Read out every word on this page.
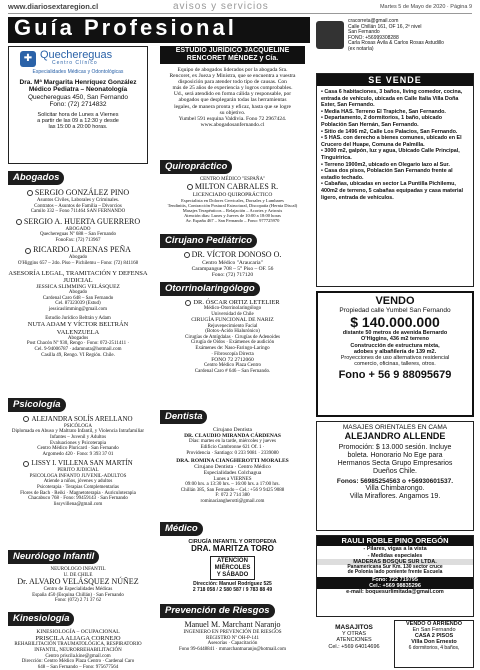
www.diariosextaregion.cl	avisos y servicios	Martes 5 de Mayo de 2020 · Página 9
Guía Profesional
✚ Quechereguas
Centro Clínico
Especialidades Médicas y Odontológicas
Dra. Mª Margarita Henríquez González
Médico Pediatra – Neonatología
Quechereguas 450, San Fernando
Fono: (72) 2714832
Solicitar hora de Lunes a Viernes
a partir de las 09 a 12:30 y desde
las 15:00 a 20:00 horas.
Abogados
SERGIO GONZÁLEZ PINO
Asuntos Civiles, Laborales y Criminales.
Contratos – Asuntos de Familia – Divorcios
Camilo 332 – Fono 711464 SAN FERNANDO
SERGIO A. HUERTA GUERRERO
ABOGADO
Quechereguas Nº 688 – San Fernando
FonoFax: (72) 713967
RICARDO LARENAS PEÑA
Abogado
O'Higgins 657 – 2do. Piso – Pichilemu – Fono: (72) 841168
ASESORÍA LEGAL, TRAMITACIÓN Y DEFENSA JUDICIAL
JESSICA SLIMMING VELÁSQUEZ
Abogado
Cardenal Caro 648 – San Fernando
Cel. 87323039 (Estud)
jessicaslimming@gmail.com
Estudio Jurídico Beltrán y Adam
NUTA ADAM Y VÍCTOR BELTRÁN VALENZUELA
Abogados
Post Chacón Nº 930, Rengo · Fono: 072-2511411 ·
Cel. 9-94006787 · adamnuta@hotmail.com
Casilla 49, Rengo. VI Región. Chile.
Psicología
ALEJANDRA SOLÍS ARELLANO
PSICÓLOGA
Diplomada en Abuso y Maltrato Infantil, y Violencia Intrafamiliar
Infantes – Juvenil y Adultos
Evaluaciones y Psicoterapia
Centro Médico Pluricard · San Fernando
Argomedo 420 · Fono: 9 393 37 01
LISSY I. VILLENA SAN MARTÍN
PERITO JUDICIAL
PSICOLOGA INFANTO JUVENIL-ADULTOS
Atiende a niños, jóvenes y adultos
Psicoterapia · Terapias Complementarias
Flores de Bach · Reiki · Magnetoterapia · Auriculoterapia
Chacabuco 768 · Fono: 99459143 · San Fernando
lissyvillena@gmail.com
Neurólogo Infantil
NEUROLOGO INFANTIL
U. DE CHILE
Dr. ALVARO VELÁSQUEZ NÚÑEZ
Centro de Especialidades Médicas
España 450 (Esquina Chillán) · San Fernando
Fono: (072) 2 71 37 62
Kinesiología
KINESIOLOGÍA – OCUPACIONAL
PRISCILA ALIAGA CORNEJO
REHABILITACIÓN TRAUMATOLÓGICA, RESPIRATORIO INFANTIL, NEURORREHABILITACIÓN
Centro priscila.kine@gmail.com
Dirección: Centro Médico Plaza Centro · Cardenal Caro
648 – San Fernando – Fono: 975677564
ESTUDIO JURÍDICO JACQUELINE
RENCORET MÉNDEZ y Cía.
Equipo de abogados liderados por la abogada Sra.
Rencoret, ex Jueza y Ministra, que se encuentra a vuestra disposición para atender todo tipo de causas. Con
más de 25 años de experiencia y logros comprobables.
Ud., será atendido en forma cálida y responsable, por
abogados que desplegarán todas las herramientas
legales, de manera pronta y eficaz, hasta que se logre
su objetivo.
Yumbel 591 esquina Valdivia. Fono 72 2967424.
www.abogadosanfernando.cl
Quiropráctico
CENTRO MÉDICO "ESPAÑA"
MILTON CABRALES R.
LICENCIADO QUIROPRÁCTICO
Especialista en Dolores Cervicales, Dorsales y Lumbares
Tendinitis, Contracción Postural Estructural, Discopatía (Hernia Discal)
Masajes Terapéuticos – Relajación – Acortes y Artrosis
Atención días: Lunes y Jueves de 10:00 a 18:00 horas
Av. España 467 – San Fernando – Fono: 977725970
Cirujano Pediátrico
DR. VÍCTOR DONOSO O.
Centro Médico "Araucaria"
Carampangue 708 – 5° Piso – OF. 56
Fono: (72) 717120
Otorrinolaringólogo
DR. ÓSCAR ORTIZ LETELIER
Médico-Otorrinolaringólogo
Universidad de Chile
CIRUGÍA FUNCIONAL DE NARIZ
Rejuvenecimiento Facial
(Botox-Ácido Hialurónico)
Cirugías de Amígdalas · Cirugías de Adenoides
Cirugía de Oídos · Exámenes de audición
Exámenes de: Naso-Faringo-Laringo
· Fibroscopía Directa
FONO 72 2712060
Centro Médico Plaza Centro
Cardenal Caro # 646 – San Fernando.
Dentista
Cirujano Dentista
DR. CLAUDIO MIRANDA CÁRDENAS
Días: martes en la tarde, miércoles y jueves
Edificio Cambronne 621 Of. 1 ·
Providencia · Santiago: 0 233 9081 · 2339080
DRA. ROMINA CIANGHEROTTI MORALES
Cirujano Dentista · Centro Médico
Especialidades Colchagua
Lunes a VIERNES
09:00 hrs. a 13:30 hrs. – 16:00 hrs. a 17:00 hrs.
Chillán 385, San Fernando – Cel.: +56 9 9425 9088
F: 072 2 714 380
rominaciangherotti@gmail.com
Médico
CIRUGÍA INFANTIL Y ORTOPEDIA
DRA. MARITZA TORO
ATENCIÓN
MIÉRCOLES
Y SÁBADO
Dirección: Manuel Rodríguez 525
2 718 058 / 2 580 587 / 9 783 88 49
Prevención de Riesgos
Manuel M. Marchant Naranjo
INGENIERO EN PREVENCIÓN DE RIESGOS
REGISTRO Nº OH-P-141
Asesorías · Capacitación
Fono 99-6448841 · mmarchantnaranjo@hotmail.com
cracorreta@gmail.com
Calle Chillán 161, OF 16, 2º nivel
San Fernando
FONO: +56999308288
Carla Rosas Ávila & Carlos Rosas Astudillo
(ex notaría)
SE VENDE
• Casa 6 habitaciones, 3 baños, living comedor, cocina, entrada de vehículo, ubicada en Calle Italia Villa Doña Ester, San Fernando.
• Media HAS. Terreno El Trapiche, San Fernando.
• Departamento, 2 dormitorios, 1 baño, ubicado Población San Hernán, San Fernando.
• Sitio de 1496 m2, Calle Los Palacios, San Fernando.
• 5 HAS. con derecho a bienes comunes, ubicado en El Crucero del Huape, Comuna de Palmilla.
• 3000 m2, galpón, luz y agua, Ubicado Calle Principal, Tinguiririca.
• Terreno 1900m2, ubicado en Olegario lazo al Sur.
• Casa dos pisos, Población San Fernando frente al estadio techado.
• Cabañas, ubicadas en sector La Puntilla Pichilemu, 400m2 de terreno, 5 cabañas equipadas y casa material ligero, entrada de vehículos.
VENDO
Propiedad calle Yumbel San Fernando
$ 140.000.000
distante 50 metros de avenida Bernardo
O'Higgins, 436 m2 terreno
Construcción de estructura mixta,
adobes y albañilería de 139 m2.
Proyecciones de uso alternativos residencial
comercio, oficinas, talleres, otros.
Fono + 56 9 88095679
MASAJES ORIENTALES EN CAMA
ALEJANDRO ALLENDE
Promoción: $ 13.000 sesión. Incluye
boleta. Honorario No Ege para
Hermanos Secta Grupo Empresarios
Dueños Chile.
Fonos: 56985254563 o +56930601537.
Villa Chimbarongo.
Villa Miraflores. Angamos 19.
RAULI ROBLE PINO OREGÓN
- Pilares, vigas a la vista
- Medidas especiales
MADERAS BOSQUE SUR LTDA.
Panamericana Sur Km. 130 sector cruce
de Polonia lado poniente frente Escuela
Fono: 722 719795
Cel.: +569 98835296
e-mail: boquesurlimitada@gmail.com
MASAJITOS
Y OTRAS
ATENCIONES
Cel.: +569 64014696
VENDO O ARRIENDO
En San Fernando
CASA 2 PISOS
Villa Don Ernesto
6 dormitorios, 4 baños,
